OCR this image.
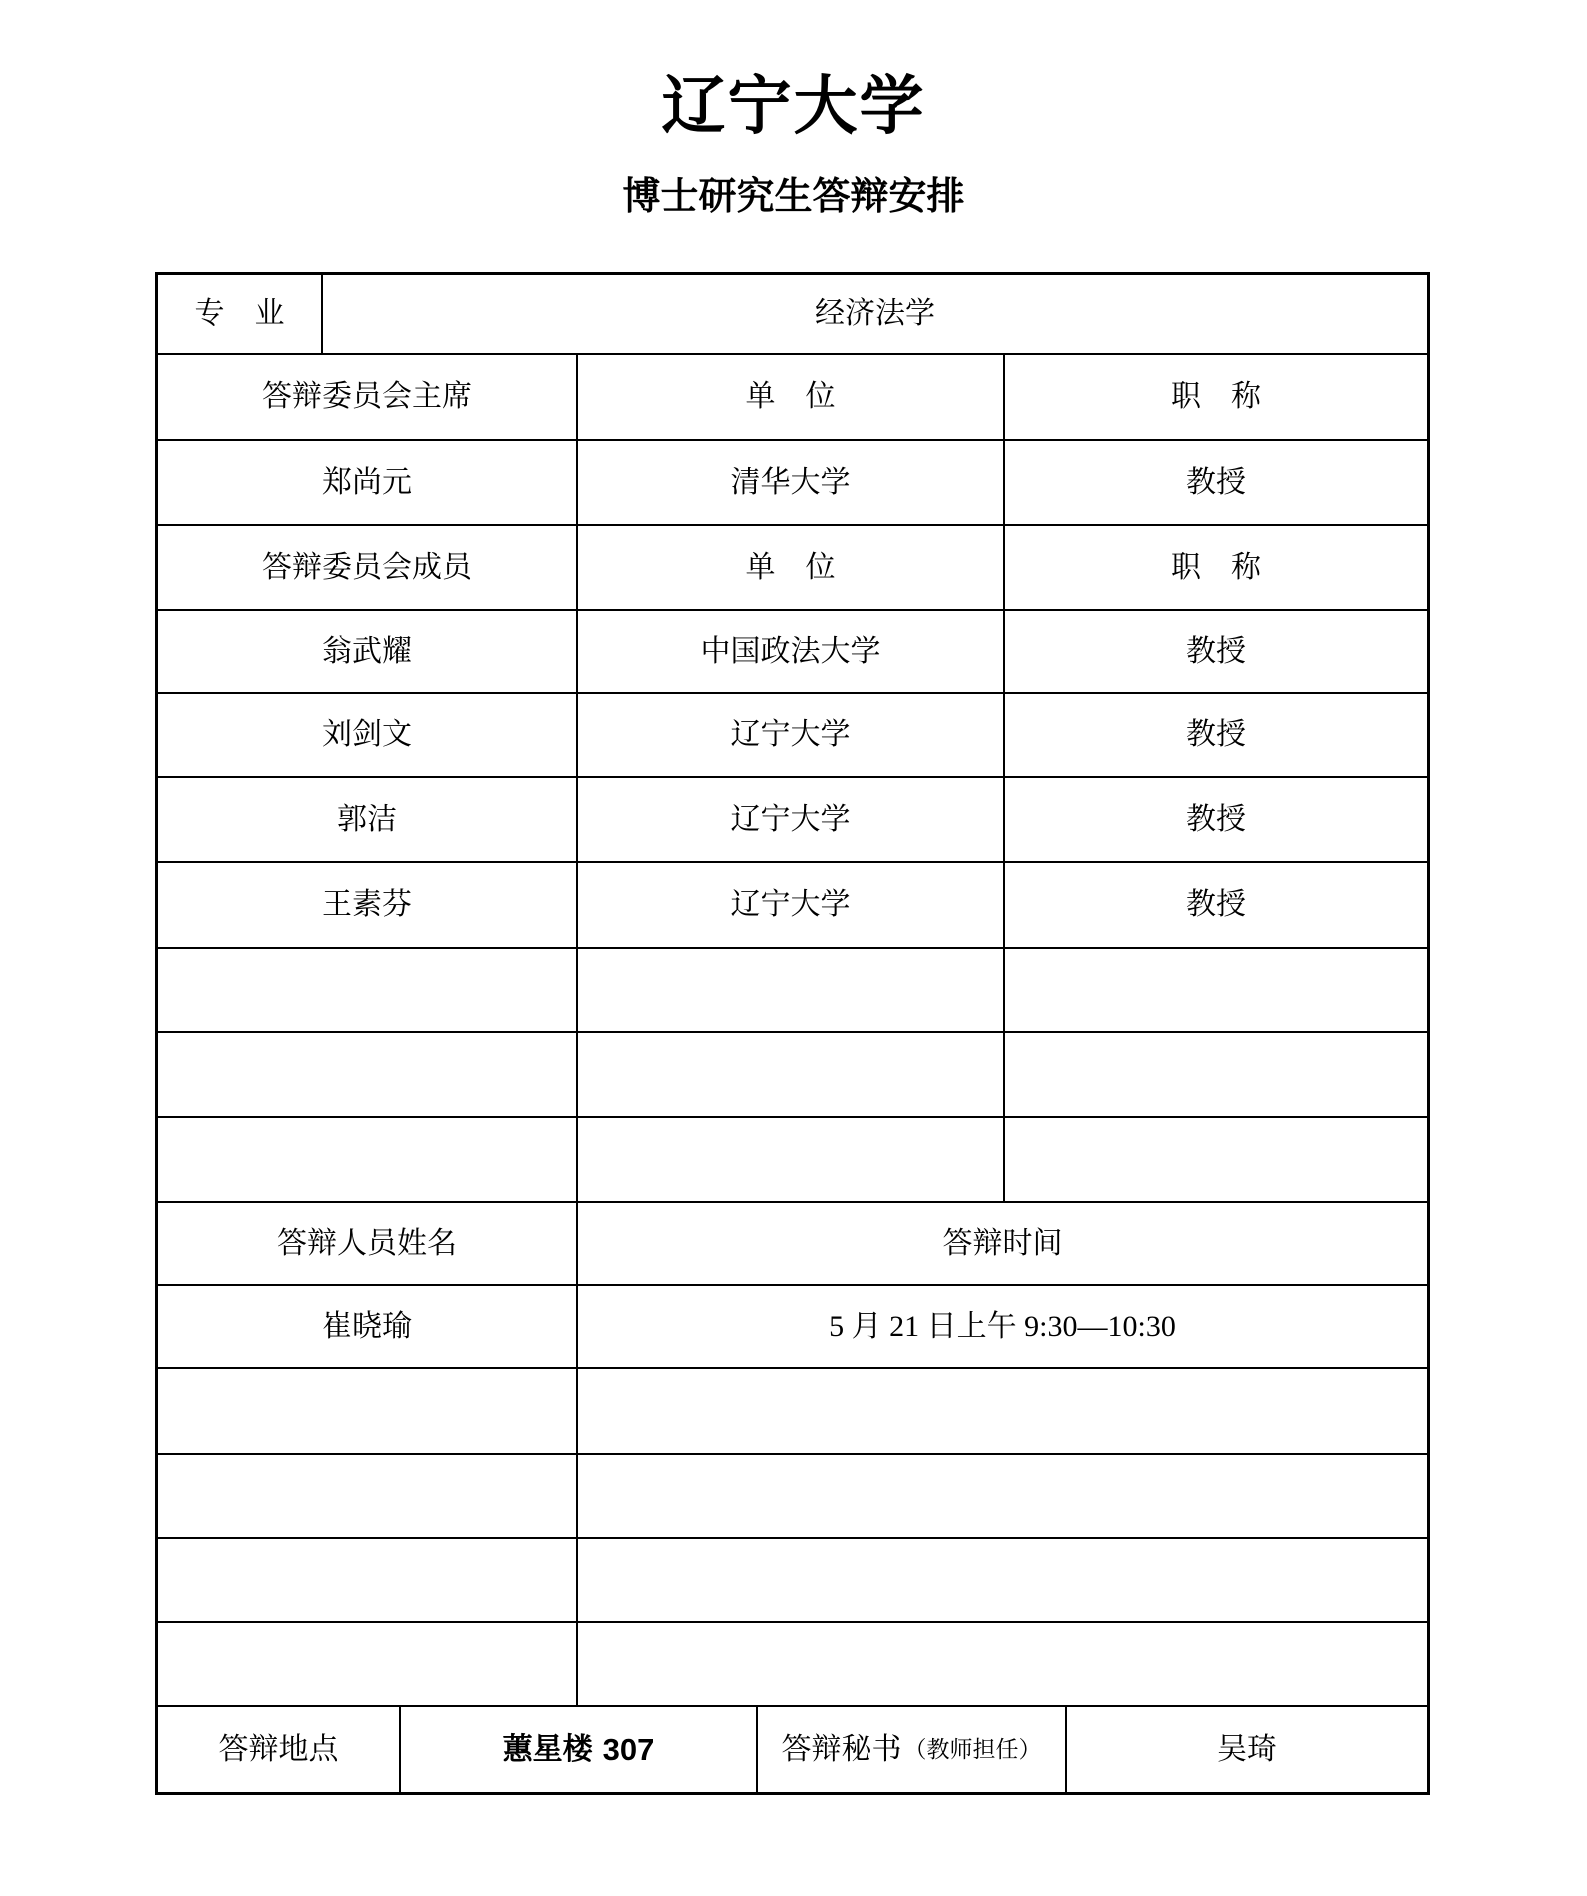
辽宁大学
博士研究生答辩安排
专　业	经济法学
答辩委员会主席	单　位	职　称
郑尚元	清华大学	教授
答辩委员会成员	单　位	职　称
翁武耀	中国政法大学	教授
刘剑文	辽宁大学	教授
郭洁	辽宁大学	教授
王素芬	辽宁大学	教授
答辩人员姓名	答辩时间
崔晓瑜	5 月 21 日上午 9:30—10:30
答辩地点	蕙星楼 307	答辩秘书 （教师担任）	吴琦
